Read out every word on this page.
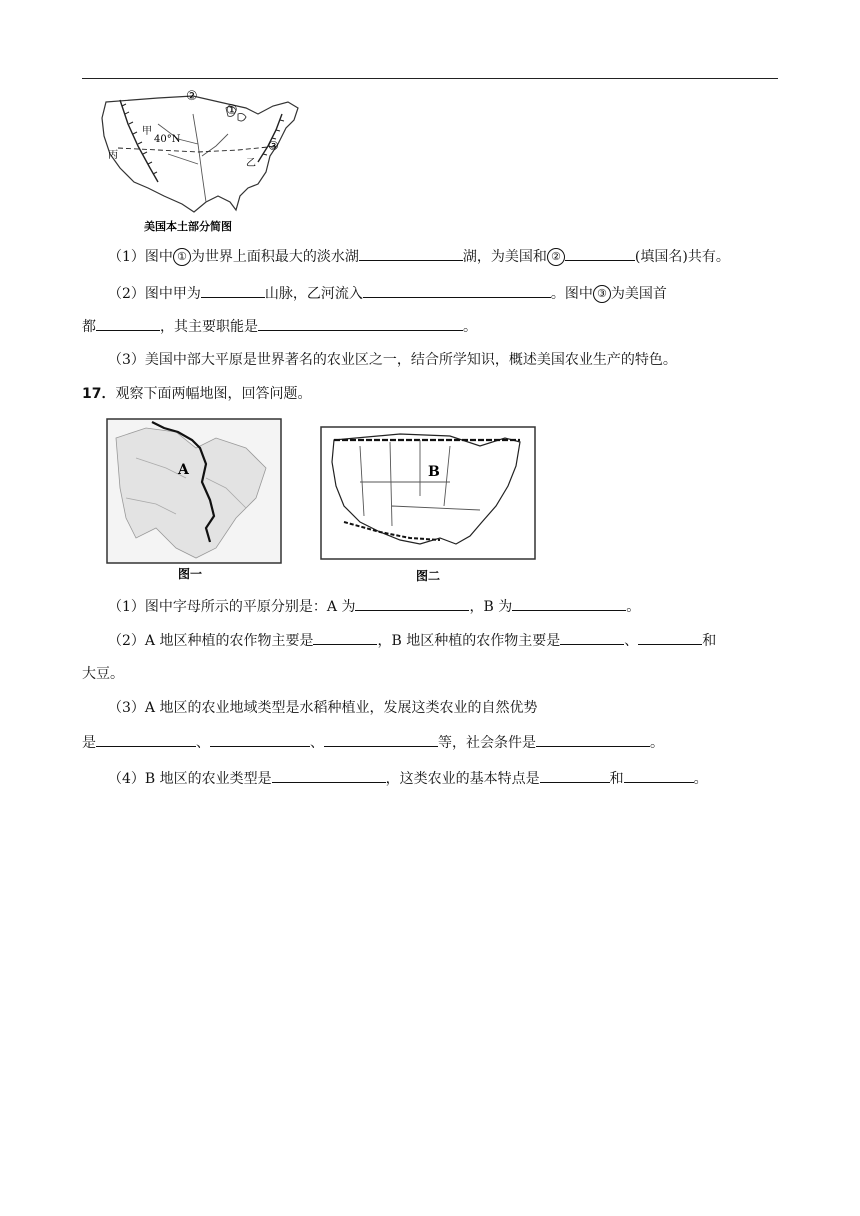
②
①
③
甲
40°N
乙
丙
美国本土部分简图
（1）图中 ① 为世界上面积最大的淡水湖	湖，为美国和 ②	(填国名)共有。
（2）图中甲为	山脉，乙河流入	。图中 ③ 为美国首
都	，其主要职能是	。
（3）美国中部大平原是世界著名的农业区之一，结合所学知识，概述美国农业生产的特色。
17．观察下面两幅地图，回答问题。
A
图一
B
图二
（1）图中字母所示的平原分别是：A 为	，B 为	。
（2）A 地区种植的农作物主要是	，B 地区种植的农作物主要是	、	和
大豆。
（3）A 地区的农业地域类型是水稻种植业，发展这类农业的自然优势
是	、	、	等，社会条件是	。
（4）B 地区的农业类型是	，这类农业的基本特点是	和	。
